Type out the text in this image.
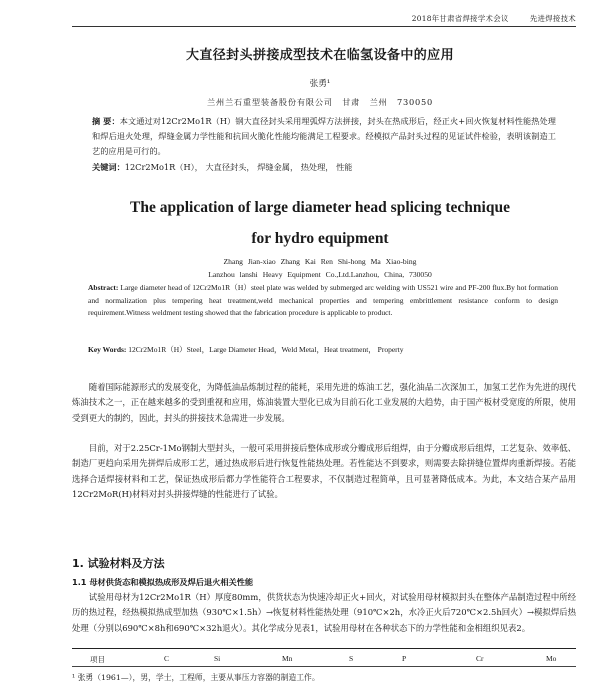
2018年甘肃省焊接学术会议	先进焊接技术
大直径封头拼接成型技术在临氢设备中的应用
张勇¹
兰州兰石重型装备股份有限公司 甘肃 兰州 730050
摘 要：本文通过对12Cr2Mo1R（H）钢大直径封头采用埋弧焊方法拼接，封头在热成形后，经正火+回火恢复材料性能热处理和焊后退火处理，焊缝金属力学性能和抗回火脆化性能均能满足工程要求。经模拟产品封头过程的见证试件检验，表明该制造工艺的应用是可行的。
关键词：12Cr2Mo1R（H）， 大直径封头， 焊缝金属， 热处理， 性能
The application of large diameter head splicing technique
for hydro equipment
Zhang Jian-xiao Zhang Kai Ren Shi-hong Ma Xiao-bing
Lanzhou lanshi Heavy Equipment Co.,Ltd.Lanzhou, China, 730050
Abstract: Large diameter head of 12Cr2Mo1R（H）steel plate was welded by submerged arc welding with US521 wire and PF-200 flux.By hot formation and normalization plus tempering heat treatment,weld mechanical properties and tempering embrittlement resistance conform to design requirement.Witness weldment testing showed that the fabrication procedure is applicable to product.
Key Words: 12Cr2Mo1R（H）Steel，Large Diameter Head，Weld Metal，Heat treatment， Property
随着国际能源形式的发展变化，为降低油品炼制过程的能耗，采用先进的炼油工艺，强化油品二次深加工，加氢工艺作为先进的现代炼油技术之一，正在越来越多的受到重视和应用，炼油装置大型化已成为目前石化工业发展的大趋势，由于国产板材受宽度的所限，使用受到更大的制约，因此，封头的拼接技术急需进一步发展。
目前，对于2.25Cr-1Mo钢制大型封头，一般可采用拼接后整体成形或分瓣成形后组焊，由于分瓣成形后组焊，工艺复杂、效率低、制造厂更趋向采用先拼焊后成形工艺，通过热成形后进行恢复性能热处理。若性能达不到要求，则需要去除拼缝位置焊肉重新焊接。若能选择合适焊接材料和工艺，保证热成形后都力学性能符合工程要求，不仅制造过程简单，且可显著降低成本。为此，本文结合某产品用12Cr2MoR(H)材料对封头拼接焊缝的性能进行了试验。
1. 试验材料及方法
1.1 母材供货态和模拟热成形及焊后退火相关性能
试验用母材为12Cr2Mo1R（H）厚度80mm，供货状态为快速冷却正火+回火，对试验用母材模拟封头在整体产品制造过程中所经历的热过程，经热模拟热成型加热（930℃×1.5h）→恢复材料性能热处理（910℃×2h，水冷正火后720℃×2.5h回火）→模拟焊后热处理（分别以690℃×8h和690℃×32h退火）。其化学成分见表1，试验用母材在各种状态下的力学性能和金相组织见表2。
项目	C	Si	Mn	S	P	Cr	Mo
¹ 张勇（1961—），男，学士，工程师，主要从事压力容器的制造工作。
